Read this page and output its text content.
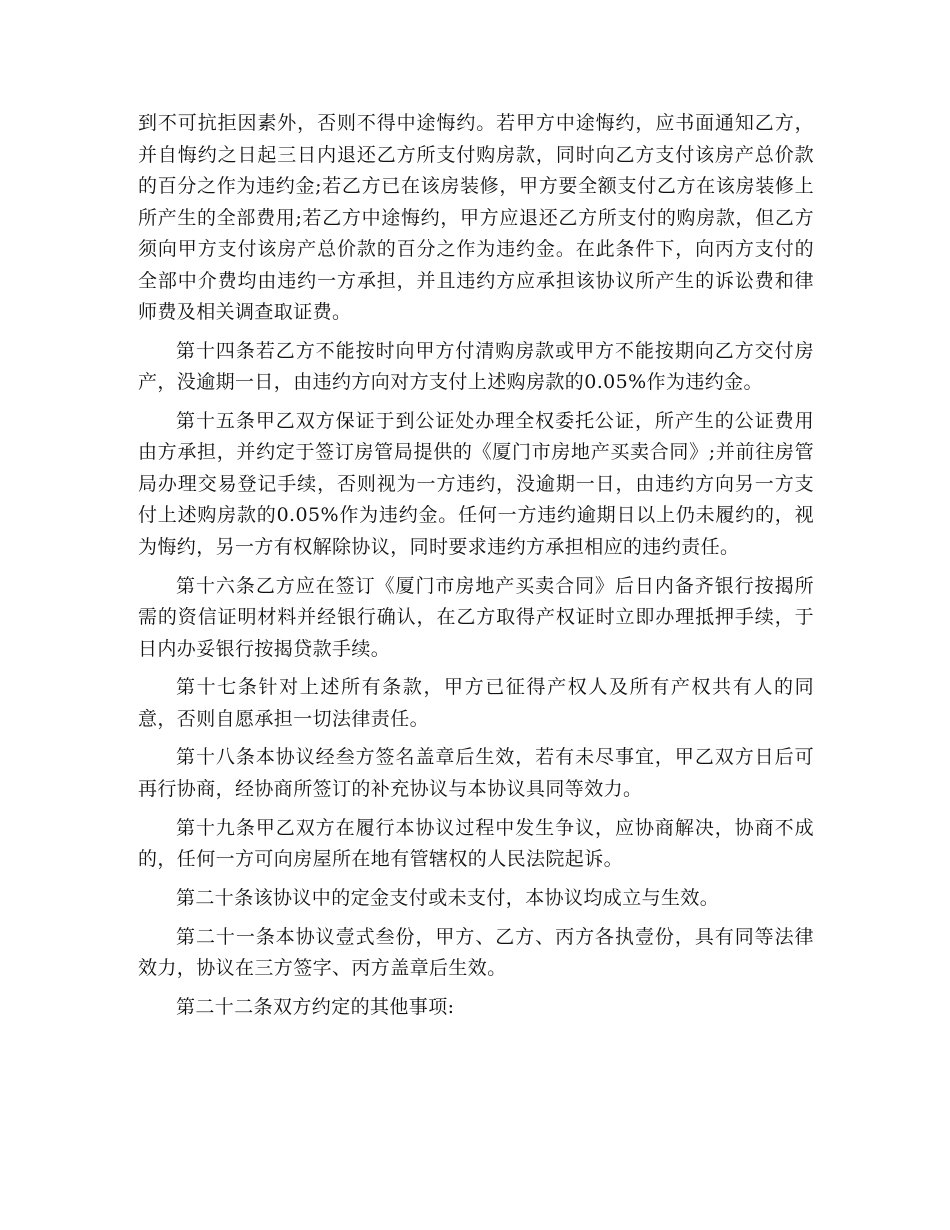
到不可抗拒因素外，否则不得中途悔约。若甲方中途悔约，应书面通知乙方，并自悔约之日起三日内退还乙方所支付购房款，同时向乙方支付该房产总价款的百分之作为违约金;若乙方已在该房装修，甲方要全额支付乙方在该房装修上所产生的全部费用;若乙方中途悔约，甲方应退还乙方所支付的购房款，但乙方须向甲方支付该房产总价款的百分之作为违约金。在此条件下，向丙方支付的全部中介费均由违约一方承担，并且违约方应承担该协议所产生的诉讼费和律师费及相关调查取证费。

第十四条若乙方不能按时向甲方付清购房款或甲方不能按期向乙方交付房产，没逾期一日，由违约方向对方支付上述购房款的0.05%作为违约金。

第十五条甲乙双方保证于到公证处办理全权委托公证，所产生的公证费用由方承担，并约定于签订房管局提供的《厦门市房地产买卖合同》;并前往房管局办理交易登记手续，否则视为一方违约，没逾期一日，由违约方向另一方支付上述购房款的0.05%作为违约金。任何一方违约逾期日以上仍未履约的，视为悔约，另一方有权解除协议，同时要求违约方承担相应的违约责任。

第十六条乙方应在签订《厦门市房地产买卖合同》后日内备齐银行按揭所需的资信证明材料并经银行确认，在乙方取得产权证时立即办理抵押手续，于日内办妥银行按揭贷款手续。

第十七条针对上述所有条款，甲方已征得产权人及所有产权共有人的同意，否则自愿承担一切法律责任。

第十八条本协议经叁方签名盖章后生效，若有未尽事宜，甲乙双方日后可再行协商，经协商所签订的补充协议与本协议具同等效力。

第十九条甲乙双方在履行本协议过程中发生争议，应协商解决，协商不成的，任何一方可向房屋所在地有管辖权的人民法院起诉。

第二十条该协议中的定金支付或未支付，本协议均成立与生效。

第二十一条本协议壹式叁份，甲方、乙方、丙方各执壹份，具有同等法律效力，协议在三方签字、丙方盖章后生效。

第二十二条双方约定的其他事项:
